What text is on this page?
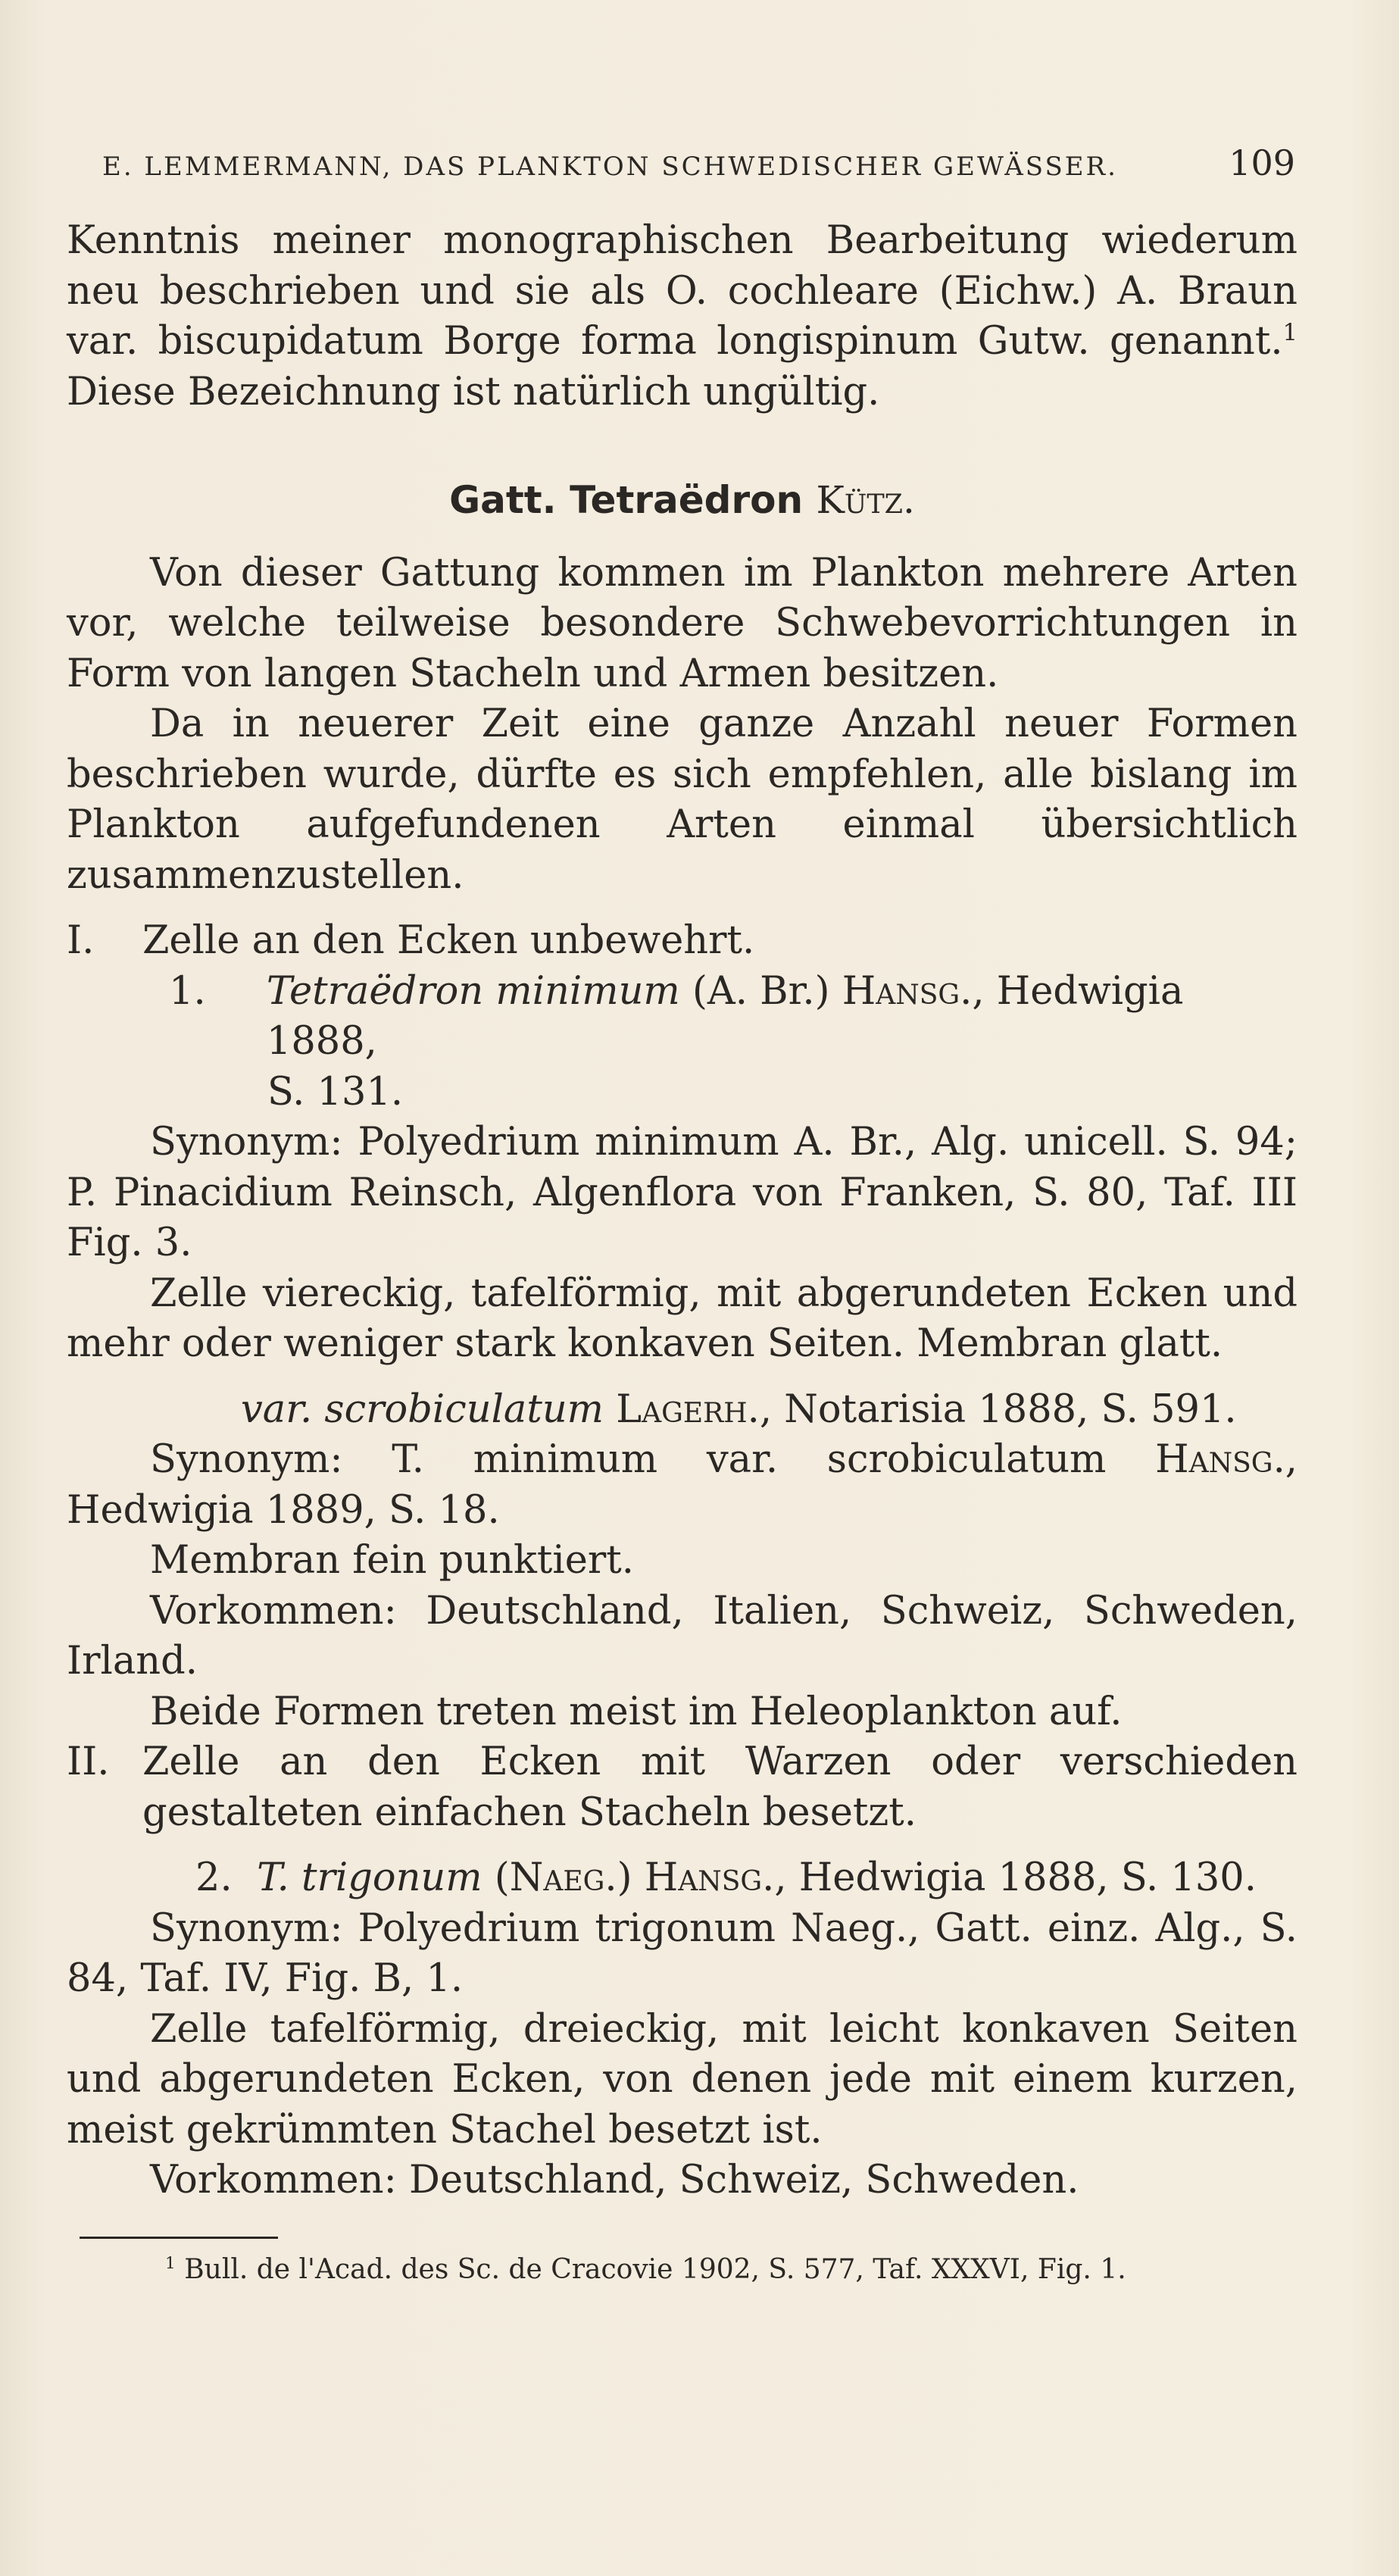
E. LEMMERMANN, DAS PLANKTON SCHWEDISCHER GEWÄSSER.	109

Kenntnis meiner monographischen Bearbeitung wiederum neu beschrieben und sie als O. cochleare (Eichw.) A. Braun var. biscupidatum Borge forma longispinum Gutw. genannt.$^1$ Diese Bezeichnung ist natürlich ungültig.

Gatt. Tetraëdron Kütz.

Von dieser Gattung kommen im Plankton mehrere Arten vor, welche teilweise besondere Schwebevorrichtungen in Form von langen Stacheln und Armen besitzen.

Da in neuerer Zeit eine ganze Anzahl neuer Formen beschrieben wurde, dürfte es sich empfehlen, alle bislang im Plankton aufgefundenen Arten einmal übersichtlich zusammenzustellen.

I. Zelle an den Ecken unbewehrt.

1.	Tetraëdron minimum (A. Br.) Hansg., Hedwigia 1888,

S. 131.

Synonym: Polyedrium minimum A. Br., Alg. unicell. S. 94; P. Pinacidium Reinsch, Algenflora von Franken, S. 80, Taf. III Fig. 3.

Zelle viereckig, tafelförmig, mit abgerundeten Ecken und mehr oder weniger stark konkaven Seiten. Membran glatt.

var. scrobiculatum Lagerh., Notarisia 1888, S. 591.

Synonym: T. minimum var. scrobiculatum Hansg., Hedwigia 1889, S. 18.

Membran fein punktiert.

Vorkommen: Deutschland, Italien, Schweiz, Schweden, Irland.

Beide Formen treten meist im Heleoplankton auf.

II. Zelle an den Ecken mit Warzen oder verschieden gestalteten einfachen Stacheln besetzt.

2. T. trigonum (Naeg.) Hansg., Hedwigia 1888, S. 130.

Synonym: Polyedrium trigonum Naeg., Gatt. einz. Alg., S. 84, Taf. IV, Fig. B, 1.

Zelle tafelförmig, dreieckig, mit leicht konkaven Seiten und abgerundeten Ecken, von denen jede mit einem kurzen, meist gekrümmten Stachel besetzt ist.

Vorkommen: Deutschland, Schweiz, Schweden.

$^1$ Bull. de l'Acad. des Sc. de Cracovie 1902, S. 577, Taf. XXXVI, Fig. 1.
